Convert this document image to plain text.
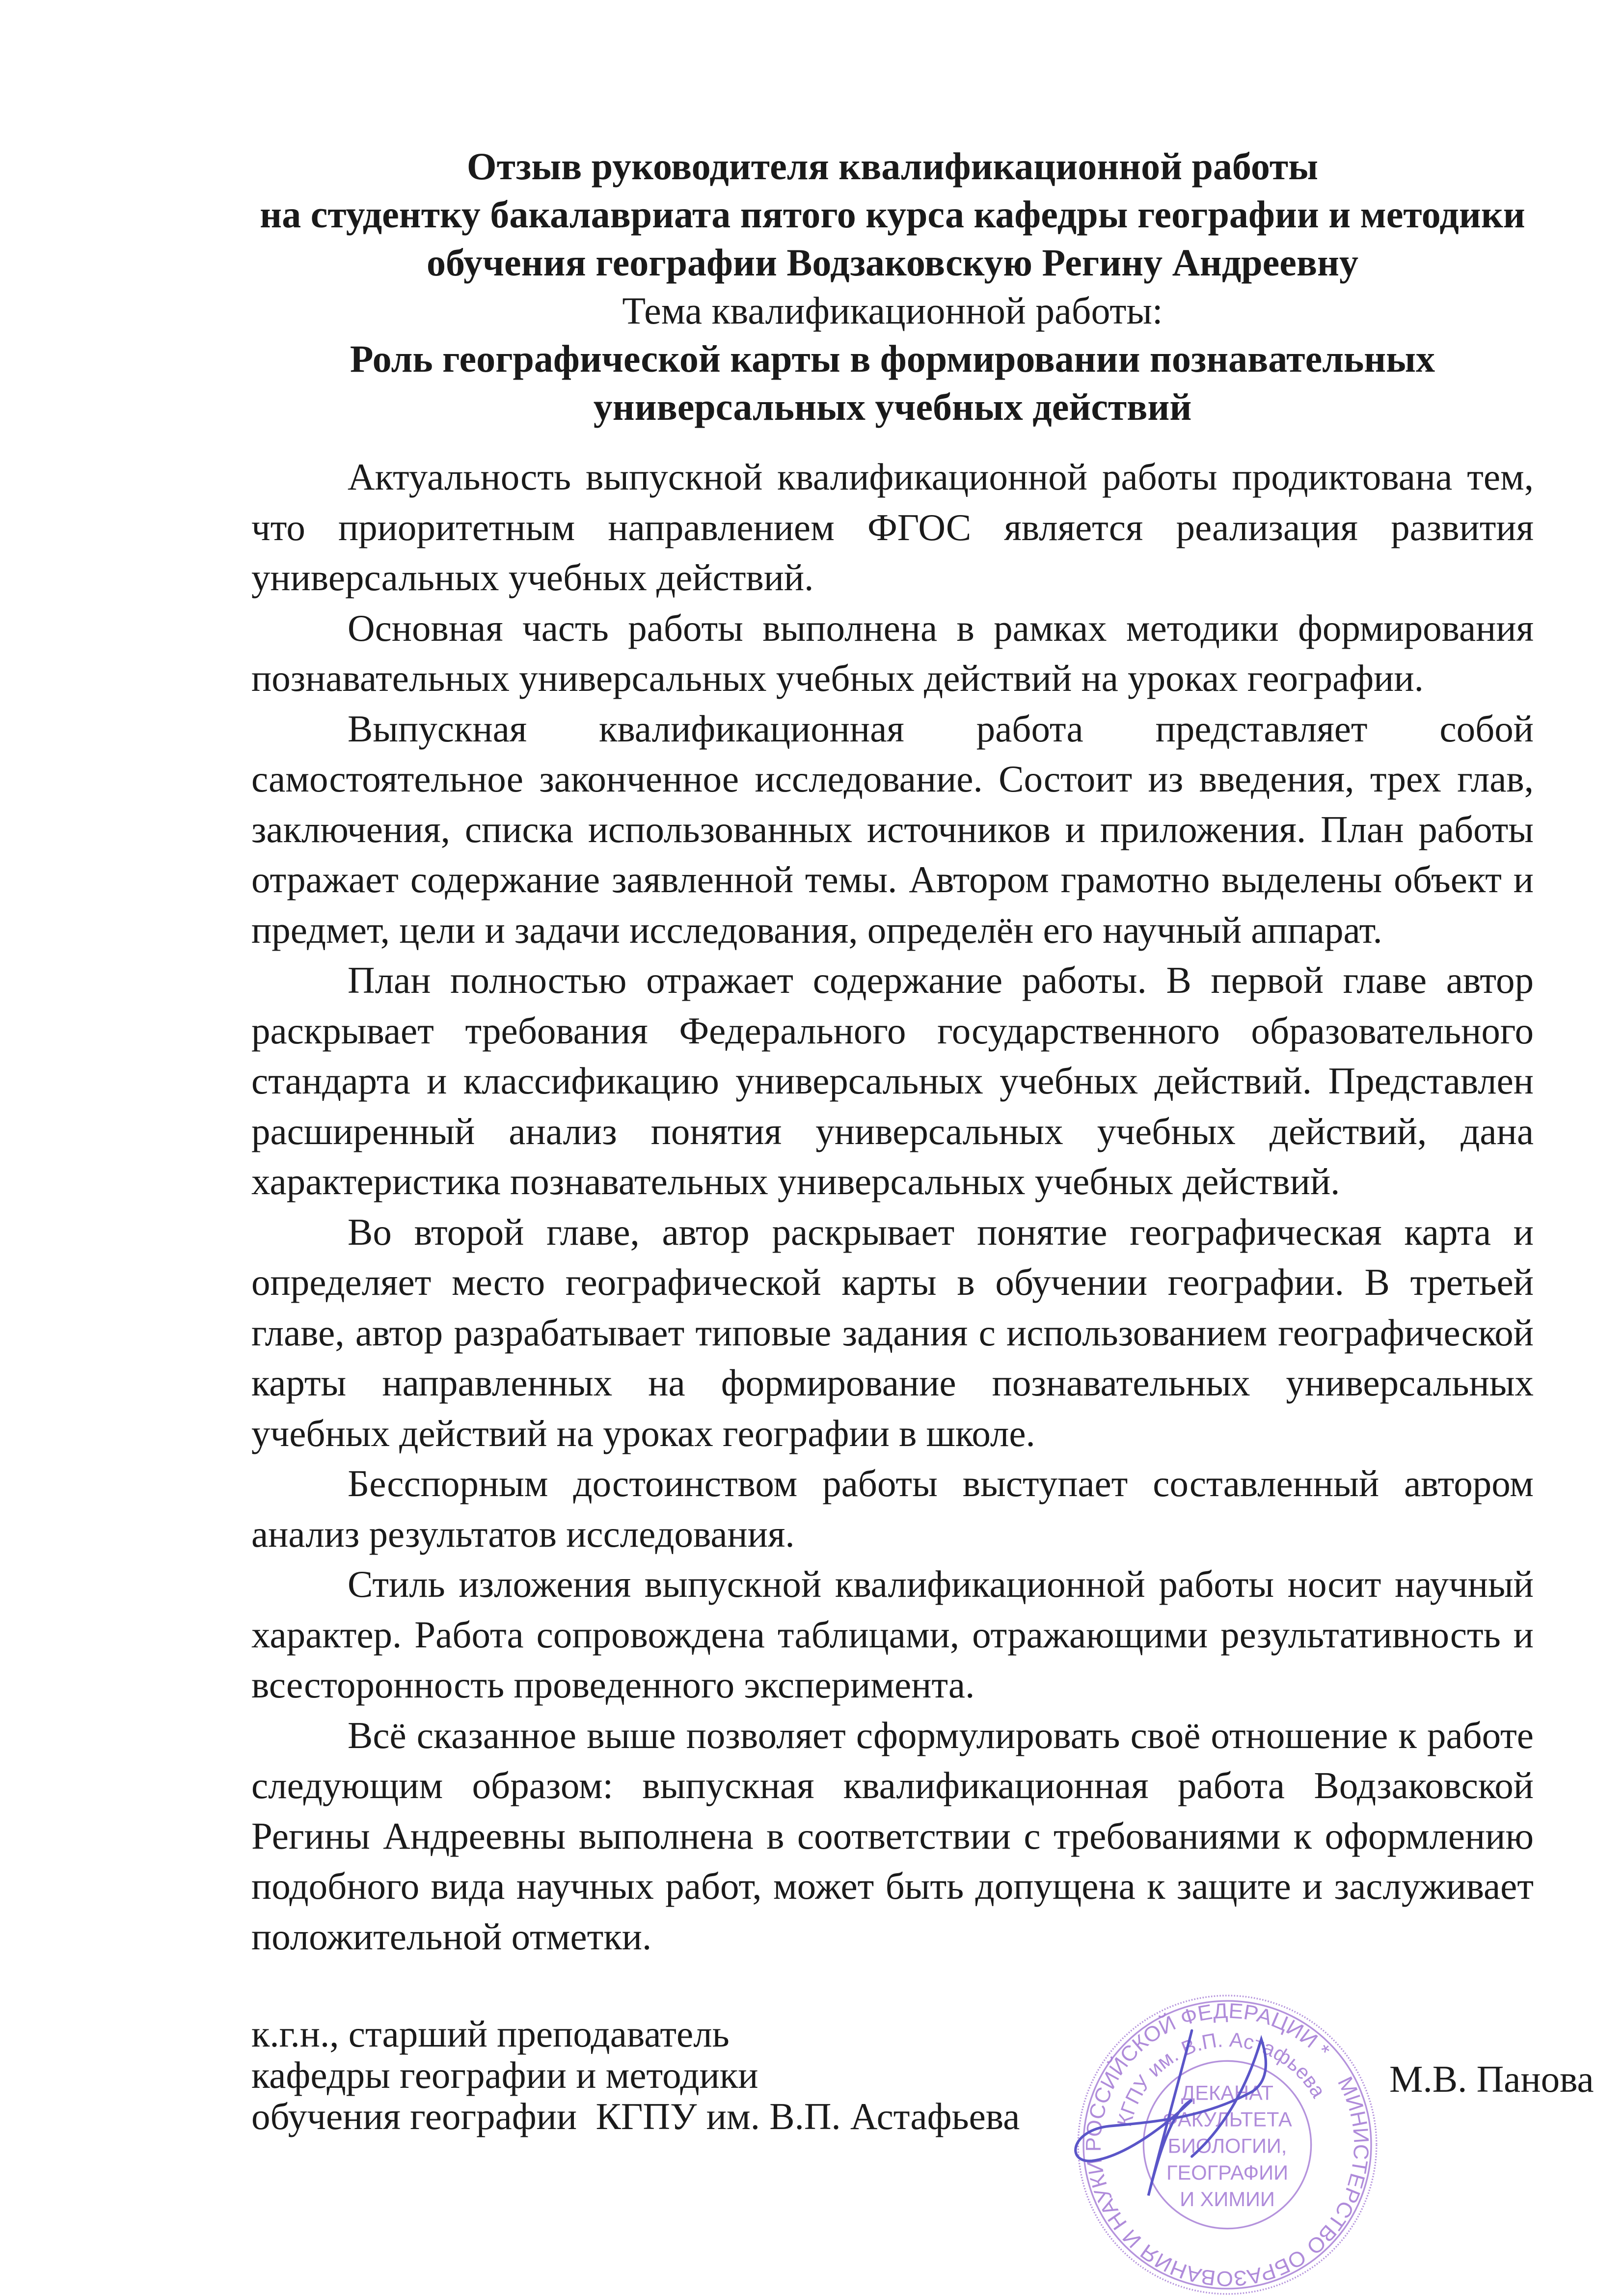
Отзыв руководителя квалификационной работы
на студентку бакалавриата пятого курса кафедры географии и методики
обучения географии Водзаковскую Регину Андреевну
Тема квалификационной работы:
Роль географической карты в формировании познавательных
универсальных учебных действий

Актуальность выпускной квалификационной работы продиктована тем, что приоритетным направлением ФГОС является реализация развития универсальных учебных действий.

Основная часть работы выполнена в рамках методики формирования познавательных универсальных учебных действий на уроках географии.

Выпускная квалификационная работа представляет собой самостоятельное законченное исследование. Состоит из введения, трех глав, заключения, списка использованных источников и приложения. План работы отражает содержание заявленной темы. Автором грамотно выделены объект и предмет, цели и задачи исследования, определён его научный аппарат.

План полностью отражает содержание работы. В первой главе автор раскрывает требования Федерального государственного образовательного стандарта и классификацию универсальных учебных действий. Представлен расширенный анализ понятия универсальных учебных действий, дана характеристика познавательных универсальных учебных действий.

Во второй главе, автор раскрывает понятие географическая карта и определяет место географической карты в обучении географии. В третьей главе, автор разрабатывает типовые задания с использованием географической карты направленных на формирование познавательных универсальных учебных действий на уроках географии в школе.

Бесспорным достоинством работы выступает составленный автором анализ результатов исследования.

Стиль изложения выпускной квалификационной работы носит научный характер. Работа сопровождена таблицами, отражающими результативность и всесторонность проведенного эксперимента.

Всё сказанное выше позволяет сформулировать своё отношение к работе следующим образом: выпускная квалификационная работа Водзаковской Регины Андреевны выполнена в соответствии с требованиями к оформлению подобного вида научных работ, может быть допущена к защите и заслуживает положительной отметки.

к.г.н., старший преподаватель
кафедры географии и методики
обучения географии  КГПУ им. В.П. Астафьева
МИНИСТЕРСТВО ОБРАЗОВАНИЯ И НАУКИ РОССИЙСКОЙ ФЕДЕРАЦИИ *
КГПУ им. В.П. Астафьева
ДЕКАНАТ
ФАКУЛЬТЕТА
БИОЛОГИИ,
ГЕОГРАФИИ
И ХИМИИ
М.В. Панова
